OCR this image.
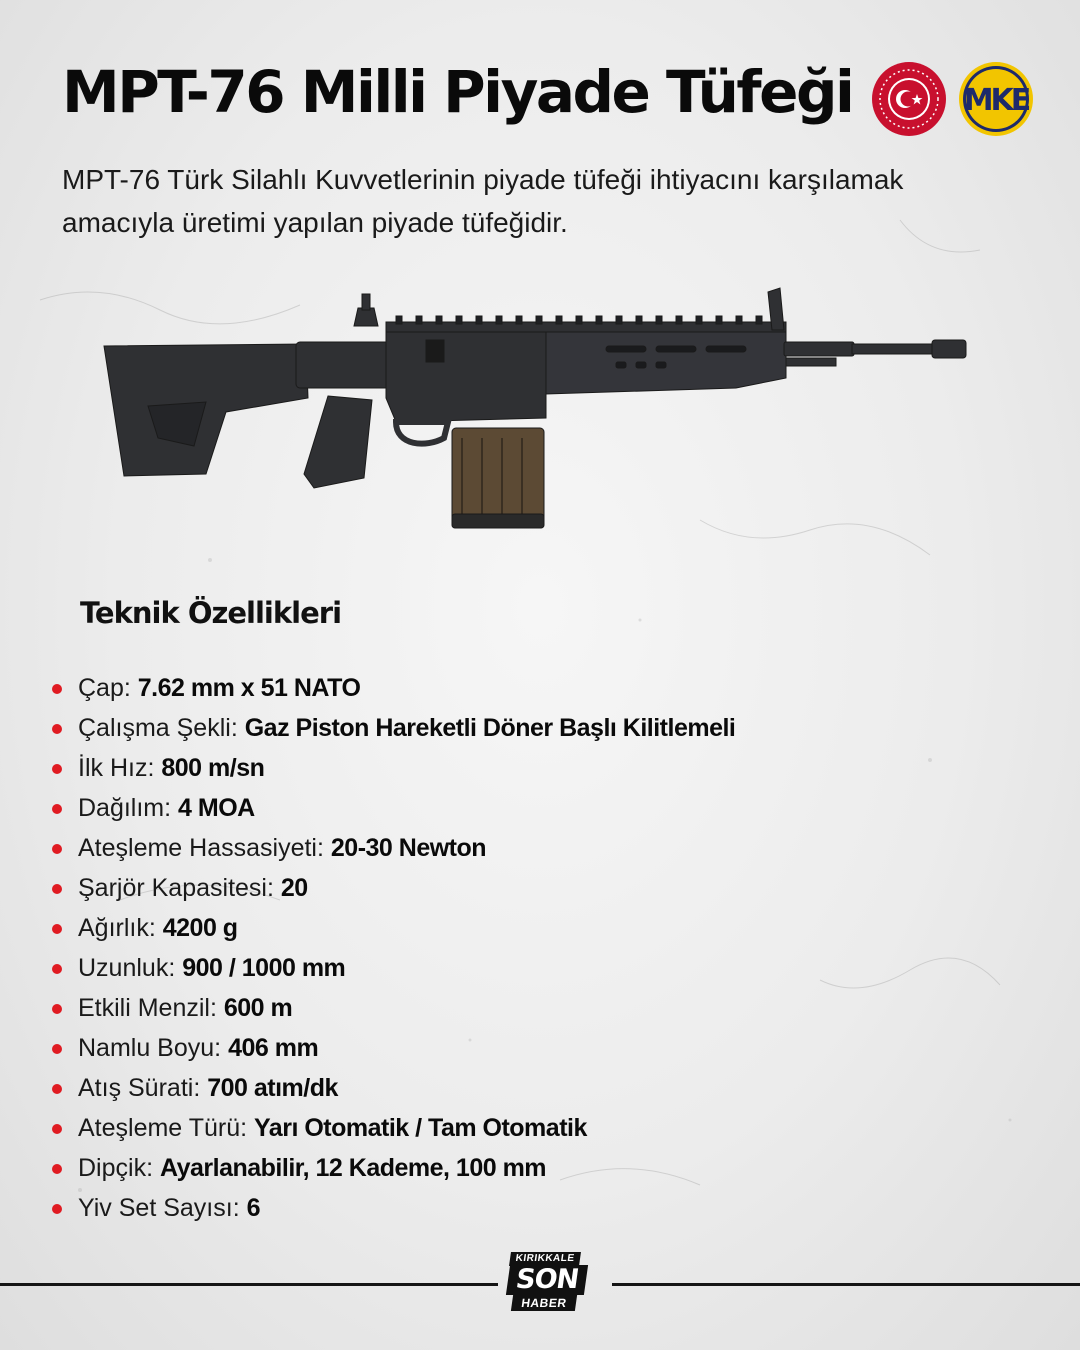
MPT-76 Milli Piyade Tüfeği	MKE

MPT-76 Türk Silahlı Kuvvetlerinin piyade tüfeği ihtiyacını karşılamak amacıyla üretimi yapılan piyade tüfeğidir.

Teknik Özellikleri
Çap: 7.62 mm x 51 NATO
Çalışma Şekli: Gaz Piston Hareketli Döner Başlı Kilitlemeli
İlk Hız: 800 m/sn
Dağılım: 4 MOA
Ateşleme Hassasiyeti: 20-30 Newton
Şarjör Kapasitesi: 20
Ağırlık: 4200 g
Uzunluk: 900 / 1000 mm
Etkili Menzil: 600 m
Namlu Boyu: 406 mm
Atış Sürati: 700 atım/dk
Ateşleme Türü: Yarı Otomatik / Tam Otomatik
Dipçik: Ayarlanabilir, 12 Kademe, 100 mm
Yiv Set Sayısı: 6
KIRIKKALE
SON
HABER
